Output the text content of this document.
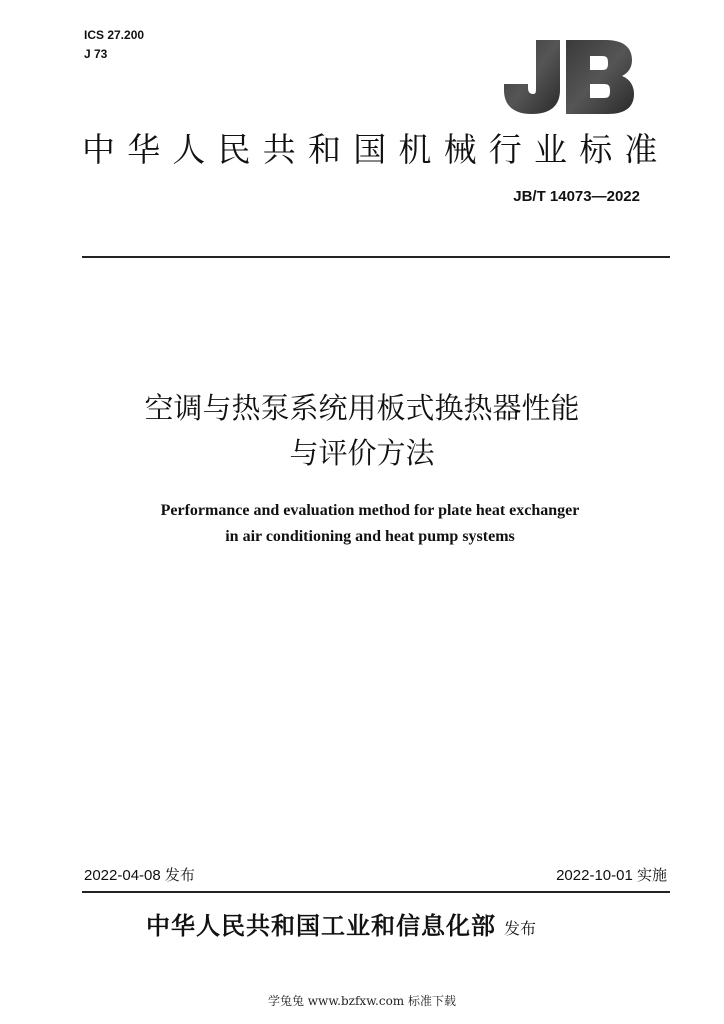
ICS 27.200
J 73
中华人民共和国机械行业标准
JB/T 14073—2022
空调与热泵系统用板式换热器性能
与评价方法
Performance and evaluation method for plate heat exchanger
in air conditioning and heat pump systems
2022-04-08 发布	2022-10-01 实施
中华人民共和国工业和信息化部 发布
学兔兔 www.bzfxw.com 标准下载
